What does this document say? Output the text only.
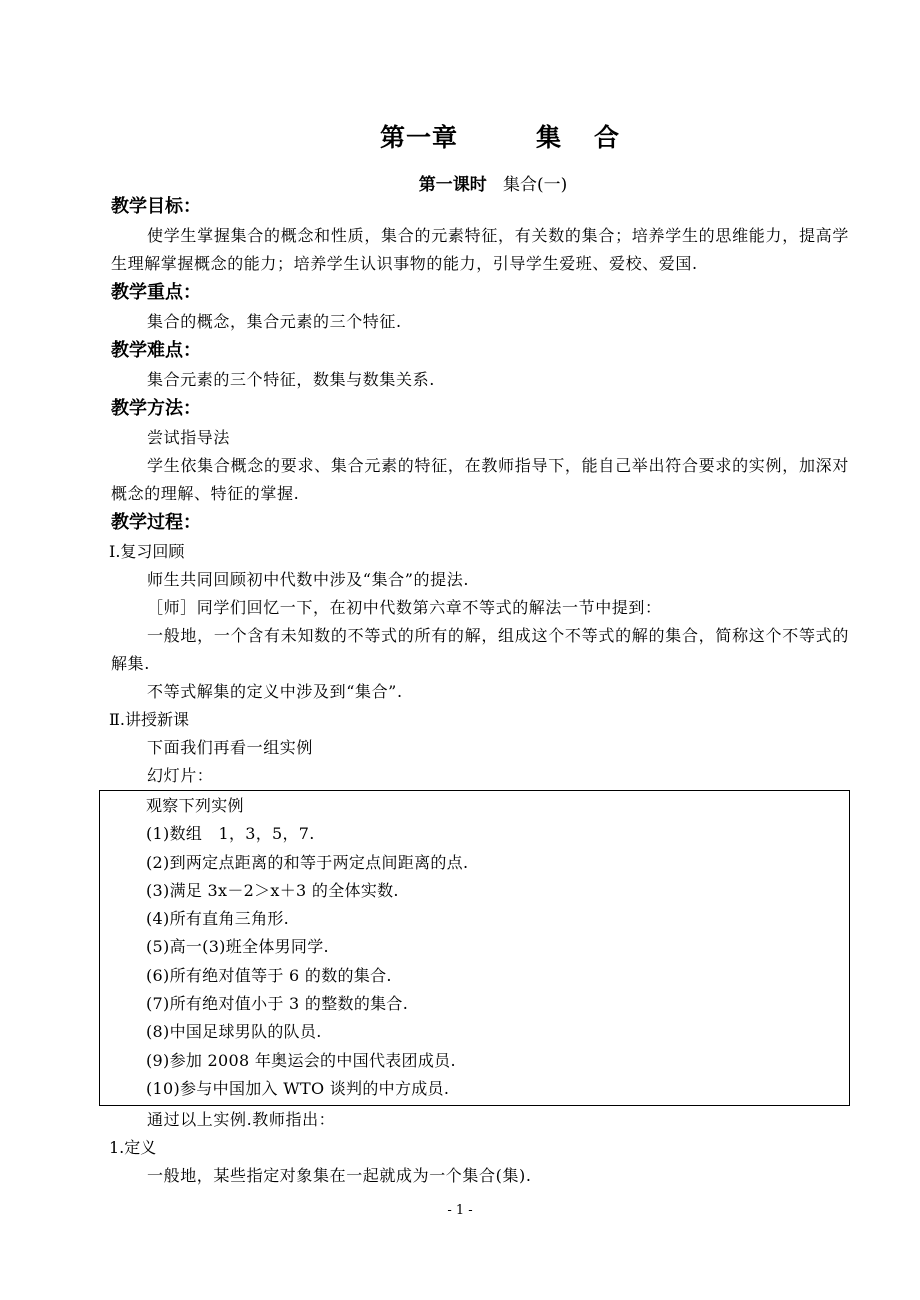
第一章	集 合
第一课时 集合(一)
教学目标：
使学生掌握集合的概念和性质，集合的元素特征，有关数的集合；培养学生的思维能力，提高学生理解掌握概念的能力；培养学生认识事物的能力，引导学生爱班、爱校、爱国.
教学重点：
集合的概念，集合元素的三个特征.
教学难点：
集合元素的三个特征，数集与数集关系.
教学方法：
尝试指导法
学生依集合概念的要求、集合元素的特征，在教师指导下，能自己举出符合要求的实例，加深对概念的理解、特征的掌握.
教学过程：
Ⅰ.复习回顾
师生共同回顾初中代数中涉及“集合”的提法.
［师］同学们回忆一下，在初中代数第六章不等式的解法一节中提到：
一般地，一个含有未知数的不等式的所有的解，组成这个不等式的解的集合，简称这个不等式的解集.
不等式解集的定义中涉及到“集合”.
Ⅱ.讲授新课
下面我们再看一组实例
幻灯片：
观察下列实例
(1)数组　1，3，5，7.
(2)到两定点距离的和等于两定点间距离的点.
(3)满足 3x－2＞x＋3 的全体实数.
(4)所有直角三角形.
(5)高一(3)班全体男同学.
(6)所有绝对值等于 6 的数的集合.
(7)所有绝对值小于 3 的整数的集合.
(8)中国足球男队的队员.
(9)参加 2008 年奥运会的中国代表团成员.
(10)参与中国加入 WTO 谈判的中方成员.
通过以上实例.教师指出：
1.定义
一般地，某些指定对象集在一起就成为一个集合(集).
- 1 -
